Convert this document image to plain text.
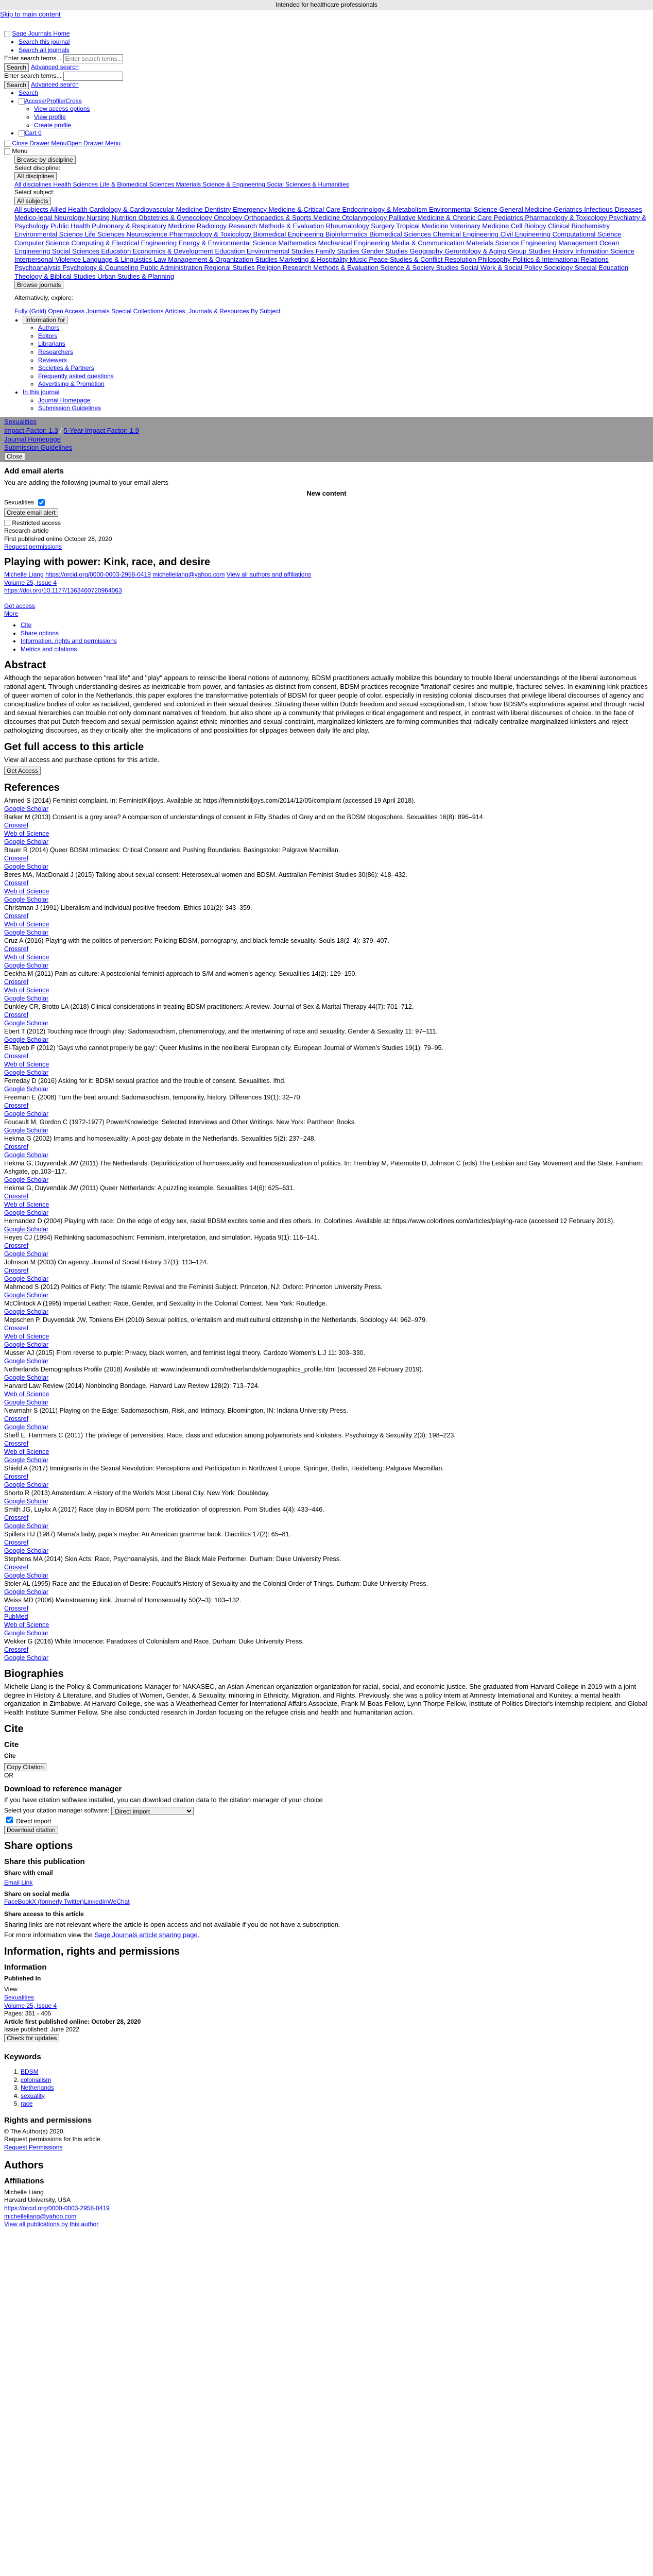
Intended for healthcare professionals
Skip to main content
Sage Journals Home
• Search this journal
• Search all journals
Enter search terms...
Enter search terms...
Search Advanced search
Enter search terms...
Search Advanced search
• Search
• Access/Profile/Cross
◦ View access options
◦ View profile
◦ Create profile
• Cart 0
Close Drawer MenuOpen Drawer Menu
Menu
Browse by discipline
Select discipline:
All disciplines
All disciplines Health Sciences Life & Biomedical Sciences Materials Science & Engineering Social Sciences & Humanities
Select subject:
All subjects
All subjects Allied Health Cardiology & Cardiovascular Medicine Dentistry Emergency Medicine & Critical Care Endocrinology & Metabolism Environmental Science General Medicine Geriatrics Infectious Diseases Medico-legal Neurology Nursing Nutrition Obstetrics & Gynecology Oncology Orthopaedics & Sports Medicine Otolaryngology Palliative Medicine & Chronic Care Pediatrics Pharmacology & Toxicology Psychiatry & Psychology Public Health Pulmonary & Respiratory Medicine Radiology Research Methods & Evaluation Rheumatology Surgery Tropical Medicine Veterinary Medicine Cell Biology Clinical Biochemistry Environmental Science Life Sciences Neuroscience Pharmacology & Toxicology Biomedical Engineering Bioinformatics Biomedical Sciences Chemical Engineering Civil Engineering Computational Science Computer Science Computing & Electrical Engineering Energy & Environmental Science Mathematics Mechanical Engineering Media & Communication Materials Science Engineering Management Ocean Engineering Social Sciences Education Economics & Development Education Environmental Studies Family Studies Gender Studies Geography Gerontology & Aging Group Studies History Information Science Interpersonal Violence Language & Linguistics Law Management & Organization Studies Marketing & Hospitality Music Peace Studies & Conflict Resolution Philosophy Politics & International Relations Psychoanalysis Psychology & Counseling Public Administration Regional Studies Religion Research Methods & Evaluation Science & Society Studies Social Work & Social Policy Sociology Special Education Theology & Biblical Studies Urban Studies & Planning
Browse journals
Alternatively, explore:
Fully (Gold) Open Access Journals Special Collections Articles, Journals & Resources By Subject
• Information for
◦ Authors
◦ Editors
◦ Librarians
◦ Researchers
◦ Reviewers
◦ Societies & Partners
◦ Frequently asked questions
◦ Advertising & Promotion
• In this journal
◦ Journal Homepage
◦ Submission Guidelines
Sexualities
Impact Factor: 1.3 / 5-Year Impact Factor: 1.9
Journal Homepage
Submission Guidelines
Close
Add email alerts

You are adding the following journal to your email alerts

New content
Sexualities
Create email alert
Restricted access
Research article
First published online October 28, 2020
Request permissions
Playing with power: Kink, race, and desire
Michelle Liang https://orcid.org/0000-0003-2958-0419 michelleliang@yahoo.com View all authors and affiliations
Volume 25, Issue 4
https://doi.org/10.1177/1363460720964063
Get access
More
• Cite
• Share options
• Information, rights and permissions
• Metrics and citations
Abstract

Although the separation between "real life" and "play" appears to reinscribe liberal notions of autonomy, BDSM practitioners actually mobilize this boundary to trouble liberal understandings of the liberal autonomous rational agent. Through understanding desires as inextricable from power, and fantasies as distinct from consent, BDSM practices recognize "irrational" desires and multiple, fractured selves. In examining kink practices of queer women of color in the Netherlands, this paper explores the transformative potentials of BDSM for queer people of color, especially in resisting colonial discourses that privilege liberal discourses of agency and conceptualize bodies of color as racialized, gendered and colonized in their sexual desires. Situating these within Dutch freedom and sexual exceptionalism, I show how BDSM's explorations against and through racial and sexual hierarchies can trouble not only dominant narratives of freedom, but also shore up a community that privileges critical engagement and respect, in contrast with liberal discourses of choice. In the face of discourses that put Dutch freedom and sexual permission against ethnic minorities and sexual constraint, marginalized kinksters are forming communities that radically centralize marginalized kinksters and reject pathologizing discourses, as they critically alter the implications of and possibilities for slippages between daily life and play.

Get full access to this article

View all access and purchase options for this article.

Get Access
References
Ahmed S (2014) Feminist complaint. In: FeministKilljoys. Available at: https://feministkilljoys.com/2014/12/05/complaint (accessed 19 April 2018).
Google Scholar
Barker M (2013) Consent is a grey area? A comparison of understandings of consent in Fifty Shades of Grey and on the BDSM blogosphere. Sexualities 16(8): 896–914.
Crossref
Web of Science
Google Scholar
Bauer R (2014) Queer BDSM Intimacies: Critical Consent and Pushing Boundaries. Basingstoke: Palgrave Macmillan.
Crossref
Google Scholar
Beres MA, MacDonald J (2015) Talking about sexual consent: Heterosexual women and BDSM. Australian Feminist Studies 30(86): 418–432.
Crossref
Web of Science
Google Scholar
Christman J (1991) Liberalism and individual positive freedom. Ethics 101(2): 343–359.
Crossref
Web of Science
Google Scholar
Cruz A (2016) Playing with the politics of perversion: Policing BDSM, pornography, and black female sexuality. Souls 18(2–4): 379–407.
Crossref
Web of Science
Google Scholar
Deckha M (2011) Pain as culture: A postcolonial feminist approach to S/M and women's agency. Sexualities 14(2): 129–150.
Crossref
Web of Science
Google Scholar
Dunkley CR, Brotto LA (2018) Clinical considerations in treating BDSM practitioners: A review. Journal of Sex & Marital Therapy 44(7): 701–712.
Crossref
Google Scholar
Ebert T (2012) Touching race through play: Sadomasochism, phenomenology, and the intertwining of race and sexuality. Gender & Sexuality 11: 97–111.
Google Scholar
El-Tayeb F (2012) 'Gays who cannot properly be gay': Queer Muslims in the neoliberal European city. European Journal of Women's Studies 19(1): 79–95.
Crossref
Web of Science
Google Scholar
Ferreday D (2016) Asking for it: BDSM sexual practice and the trouble of consent. Sexualities. Ifnd.
Google Scholar
Freeman E (2008) Turn the beat around: Sadomasochism, temporality, history. Differences 19(1): 32–70.
Crossref
Google Scholar
Foucault M, Gordon C (1972-1977) Power/Knowledge: Selected Interviews and Other Writings. New York: Pantheon Books.
Google Scholar
Hekma G (2002) Imams and homosexuality: A post-gay debate in the Netherlands. Sexualities 5(2): 237–248.
Crossref
Google Scholar
Hekma G, Duyvendak JW (2011) The Netherlands: Depoliticization of homosexuality and homosexualization of politics. In: Tremblay M, Paternotte D, Johnson C (eds) The Lesbian and Gay Movement and the State. Farnham: Ashgate, pp.103–117.
Google Scholar
Hekma G, Duyvendak JW (2011) Queer Netherlands: A puzzling example. Sexualities 14(6): 625–631.
Crossref
Web of Science
Google Scholar
Hernandez D (2004) Playing with race: On the edge of edgy sex, racial BDSM excites some and riles others. In: Colorlines. Available at: https://www.colorlines.com/articles/playing-race (accessed 12 February 2018).
Google Scholar
Heyes CJ (1994) Rethinking sadomasochism: Feminism, interpretation, and simulation. Hypatia 9(1): 116–141.
Crossref
Google Scholar
Johnson M (2003) On agency. Journal of Social History 37(1): 113–124.
Crossref
Google Scholar
Mahmood S (2012) Politics of Piety: The Islamic Revival and the Feminist Subject. Princeton, NJ: Oxford: Princeton University Press.
Google Scholar
McClintock A (1995) Imperial Leather: Race, Gender, and Sexuality in the Colonial Contest. New York: Routledge.
Google Scholar
Mepschen P, Duyvendak JW, Tonkens EH (2010) Sexual politics, orientalism and multicultural citizenship in the Netherlands. Sociology 44: 962–979.
Crossref
Web of Science
Google Scholar
Musser AJ (2015) From reverse to purple: Privacy, black women, and feminist legal theory. Cardozo Women's L.J 11: 303–330.
Google Scholar
Netherlands Demographics Profile (2018) Available at: www.indexmundi.com/netherlands/demographics_profile.html (accessed 28 February 2019).
Google Scholar
Harvard Law Review (2014) Nonbinding Bondage. Harvard Law Review 128(2): 713–724.
Web of Science
Google Scholar
Newmahr S (2011) Playing on the Edge: Sadomasochism, Risk, and Intimacy. Bloomington, IN: Indiana University Press.
Crossref
Google Scholar
Sheff E, Hammers C (2011) The privilege of perversities: Race, class and education among polyamorists and kinksters. Psychology & Sexuality 2(3): 198–223.
Crossref
Web of Science
Google Scholar
Shield A (2017) Immigrants in the Sexual Revolution: Perceptions and Participation in Northwest Europe. Springer, Berlin, Heidelberg: Palgrave Macmillan.
Crossref
Google Scholar
Shorto R (2013) Amsterdam: A History of the World's Most Liberal City. New York: Doubleday.
Google Scholar
Smith JG, Luykx A (2017) Race play in BDSM porn: The eroticization of oppression. Porn Studies 4(4): 433–446.
Crossref
Google Scholar
Spillers HJ (1987) Mama's baby, papa's maybe: An American grammar book. Diacritics 17(2): 65–81.
Crossref
Google Scholar
Stephens MA (2014) Skin Acts: Race, Psychoanalysis, and the Black Male Performer. Durham: Duke University Press.
Crossref
Google Scholar
Stoler AL (1995) Race and the Education of Desire: Foucault's History of Sexuality and the Colonial Order of Things. Durham: Duke University Press.
Google Scholar
Weiss MD (2006) Mainstreaming kink. Journal of Homosexuality 50(2–3): 103–132.
Crossref
PubMed
Web of Science
Google Scholar
Wekker G (2016) White Innocence: Paradoxes of Colonialism and Race. Durham: Duke University Press.
Crossref
Google Scholar
Biographies

Michelle Liang is the Policy & Communications Manager for NAKASEC, an Asian-American organization organization for racial, social, and economic justice. She graduated from Harvard College in 2019 with a joint degree in History & Literature, and Studies of Women, Gender, & Sexuality, minoring in Ethnicity, Migration, and Rights. Previously, she was a policy intern at Amnesty International and Kunitey, a mental health organization in Zimbabwe. At Harvard College, she was a Weatherhead Center for International Affairs Associate, Frank M Boas Fellow, Lynn Thorpe Fellow, Institute of Politics Director's internship recipient, and Global Health Institute Summer Fellow. She also conducted research in Jordan focusing on the refugee crisis and health and humanitarian action.

Cite
Cite
Cite
Copy Citation
OR
Download to reference manager

If you have citation software installed, you can download citation data to the citation manager of your choice

Select your citation manager software:
Direct import
Direct import
Download citation
Share options
Share this publication
Share with email
Email Link
Share on social media
FaceBookX (formerly Twitter)LinkedInWeChat
Share access to this article

Sharing links are not relevant where the article is open access and not available if you do not have a subscription.

For more information view the Sage Journals article sharing page.

Information, rights and permissions
Information
Published In
View
Sexualities
Volume 25, Issue 4
Pages: 361 - 405
Article first published online: October 28, 2020
Issue published: June 2022
Check for updates
Keywords
1. BDSM
2. colonialism
3. Netherlands
4. sexuality
5. race
Rights and permissions
© The Author(s) 2020.
Request permissions for this article.
Request Permissions
Authors
Affiliations
Michelle Liang
Harvard University, USA
https://orcid.org/0000-0003-2958-0419
michelleliang@yahoo.com
View all publications by this author
